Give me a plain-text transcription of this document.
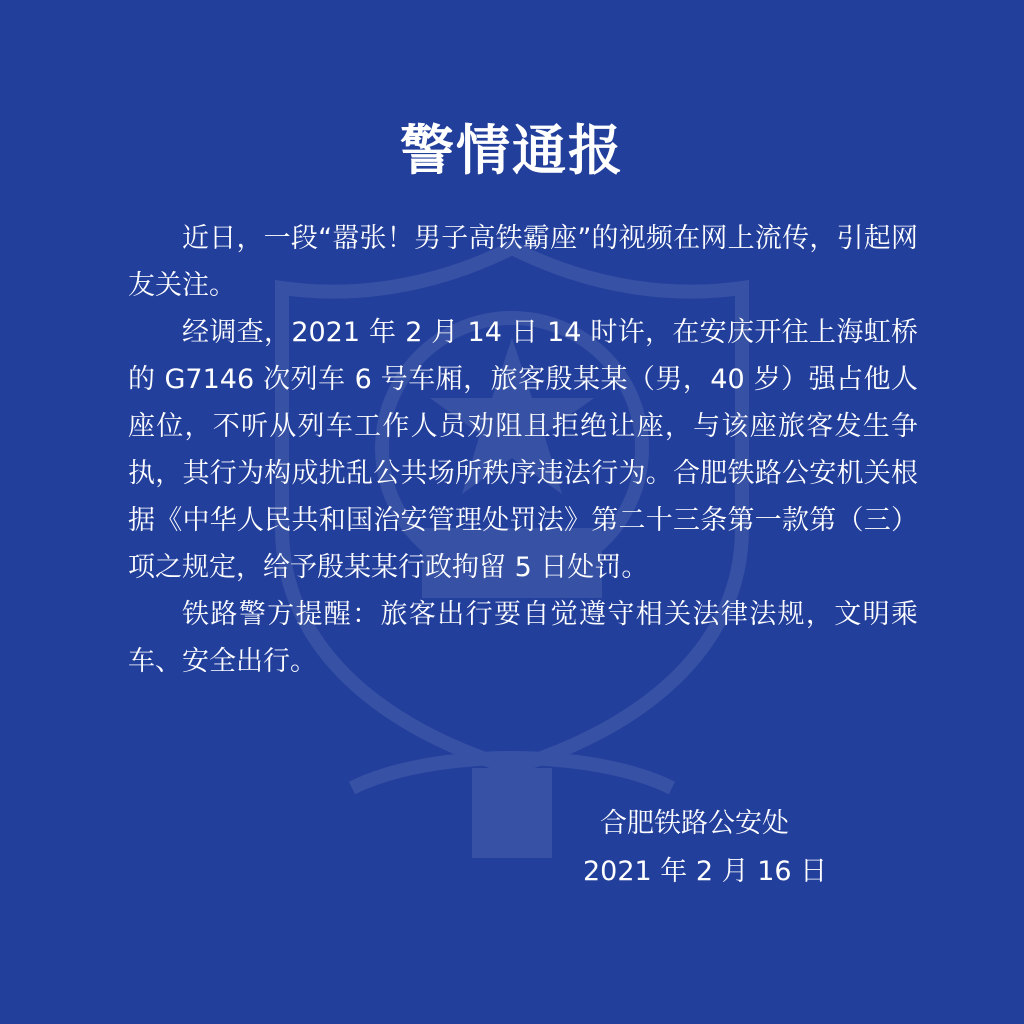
警情通报

近日，一段“嚣张！男子高铁霸座”的视频在网上流传，引起网友关注。

经调查，2021 年 2 月 14 日 14 时许，在安庆开往上海虹桥的 G7146 次列车 6 号车厢，旅客殷某某（男，40 岁）强占他人座位，不听从列车工作人员劝阻且拒绝让座，与该座旅客发生争执，其行为构成扰乱公共场所秩序违法行为。合肥铁路公安机关根据《中华人民共和国治安管理处罚法》第二十三条第一款第（三）项之规定，给予殷某某行政拘留 5 日处罚。

铁路警方提醒：旅客出行要自觉遵守相关法律法规，文明乘车、安全出行。

合肥铁路公安处
2021 年 2 月 16 日
